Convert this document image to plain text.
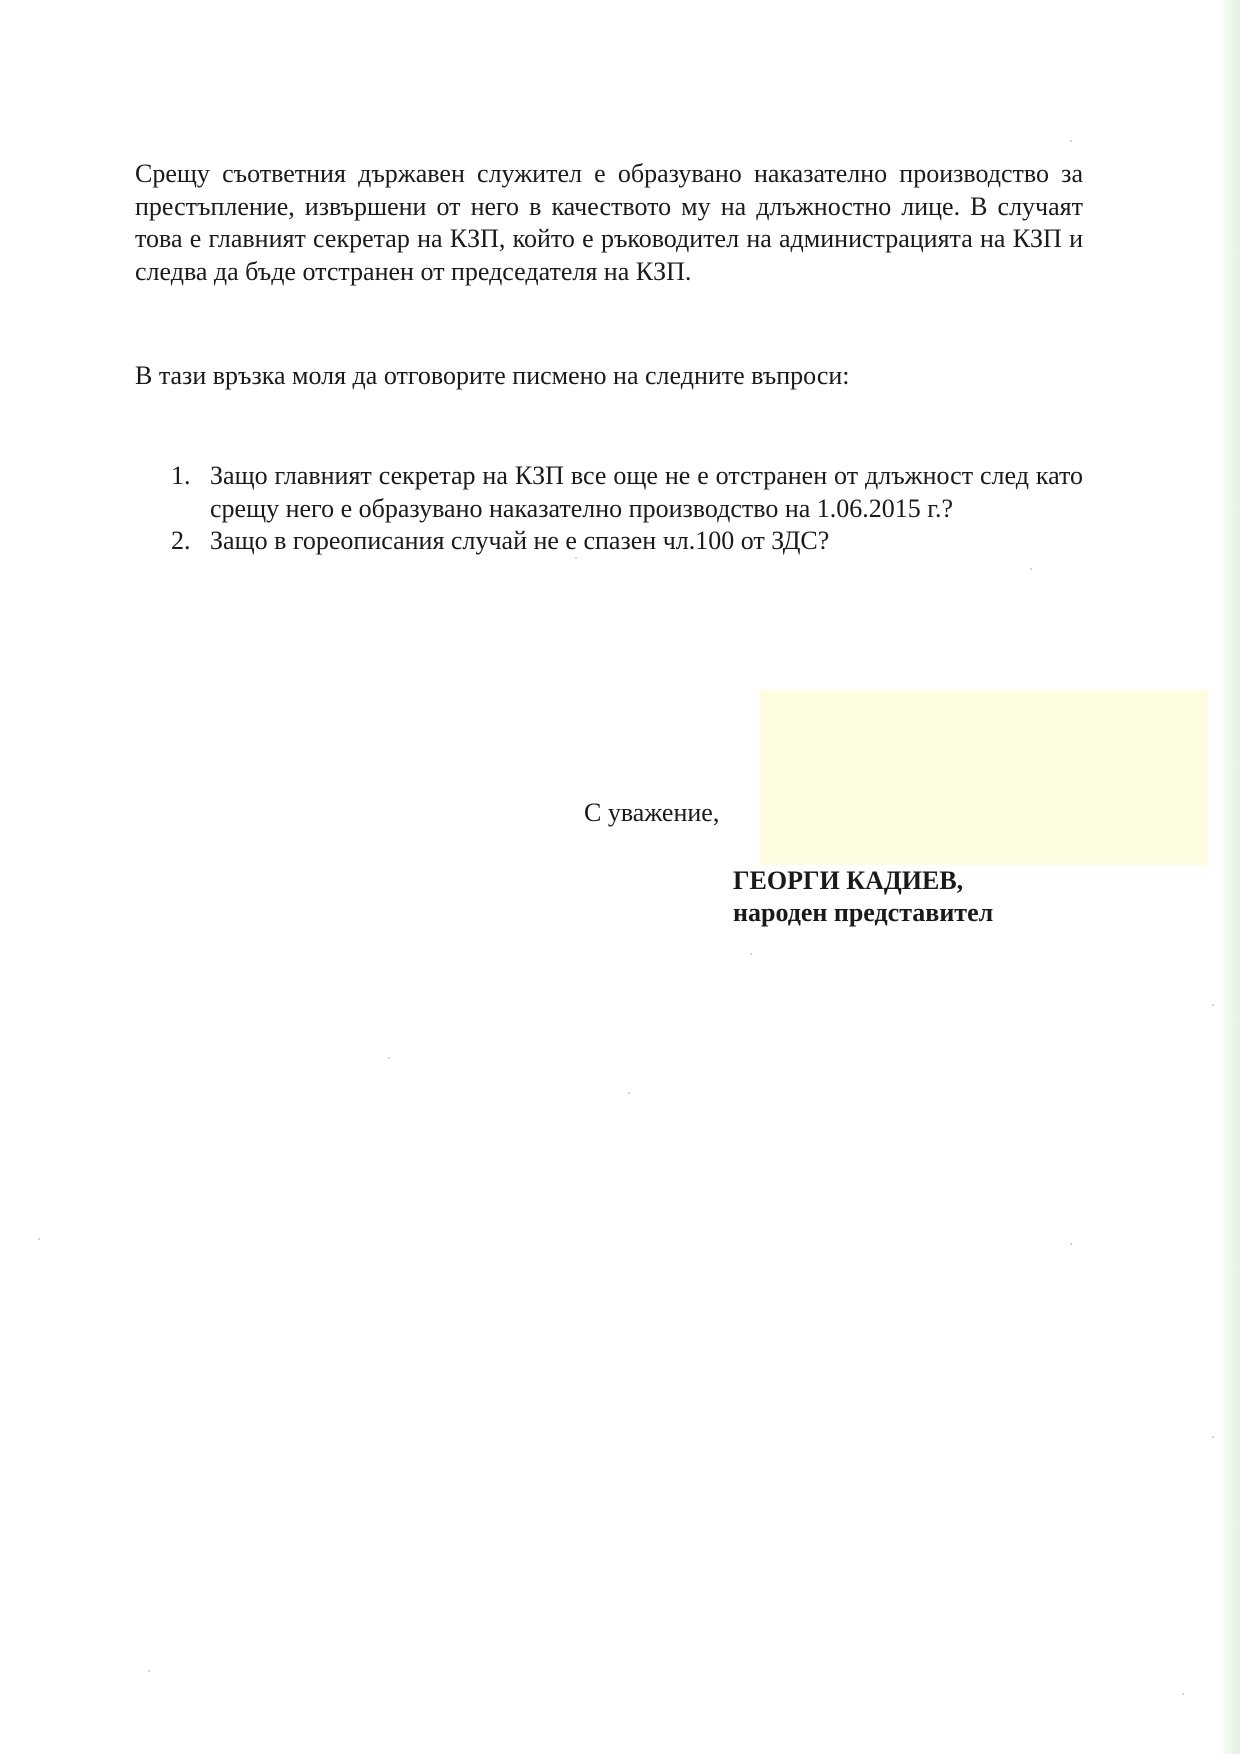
Срещу съответния държавен служител е образувано наказателно производство за престъпление, извършени от него в качеството му на длъжностно лице. В случаят това е главният секретар на КЗП, който е ръководител на администрацията на КЗП и следва да бъде отстранен от председателя на КЗП.

В тази връзка моля да отговорите писмено на следните въпроси:

1. Защо главният секретар на КЗП все още не е отстранен от длъжност след като срещу него е образувано наказателно производство на 1.06.2015 г.?
2. Защо в гореописания случай не е спазен чл.100 от ЗДС?
С уважение,
ГЕОРГИ КАДИЕВ,
народен представител
